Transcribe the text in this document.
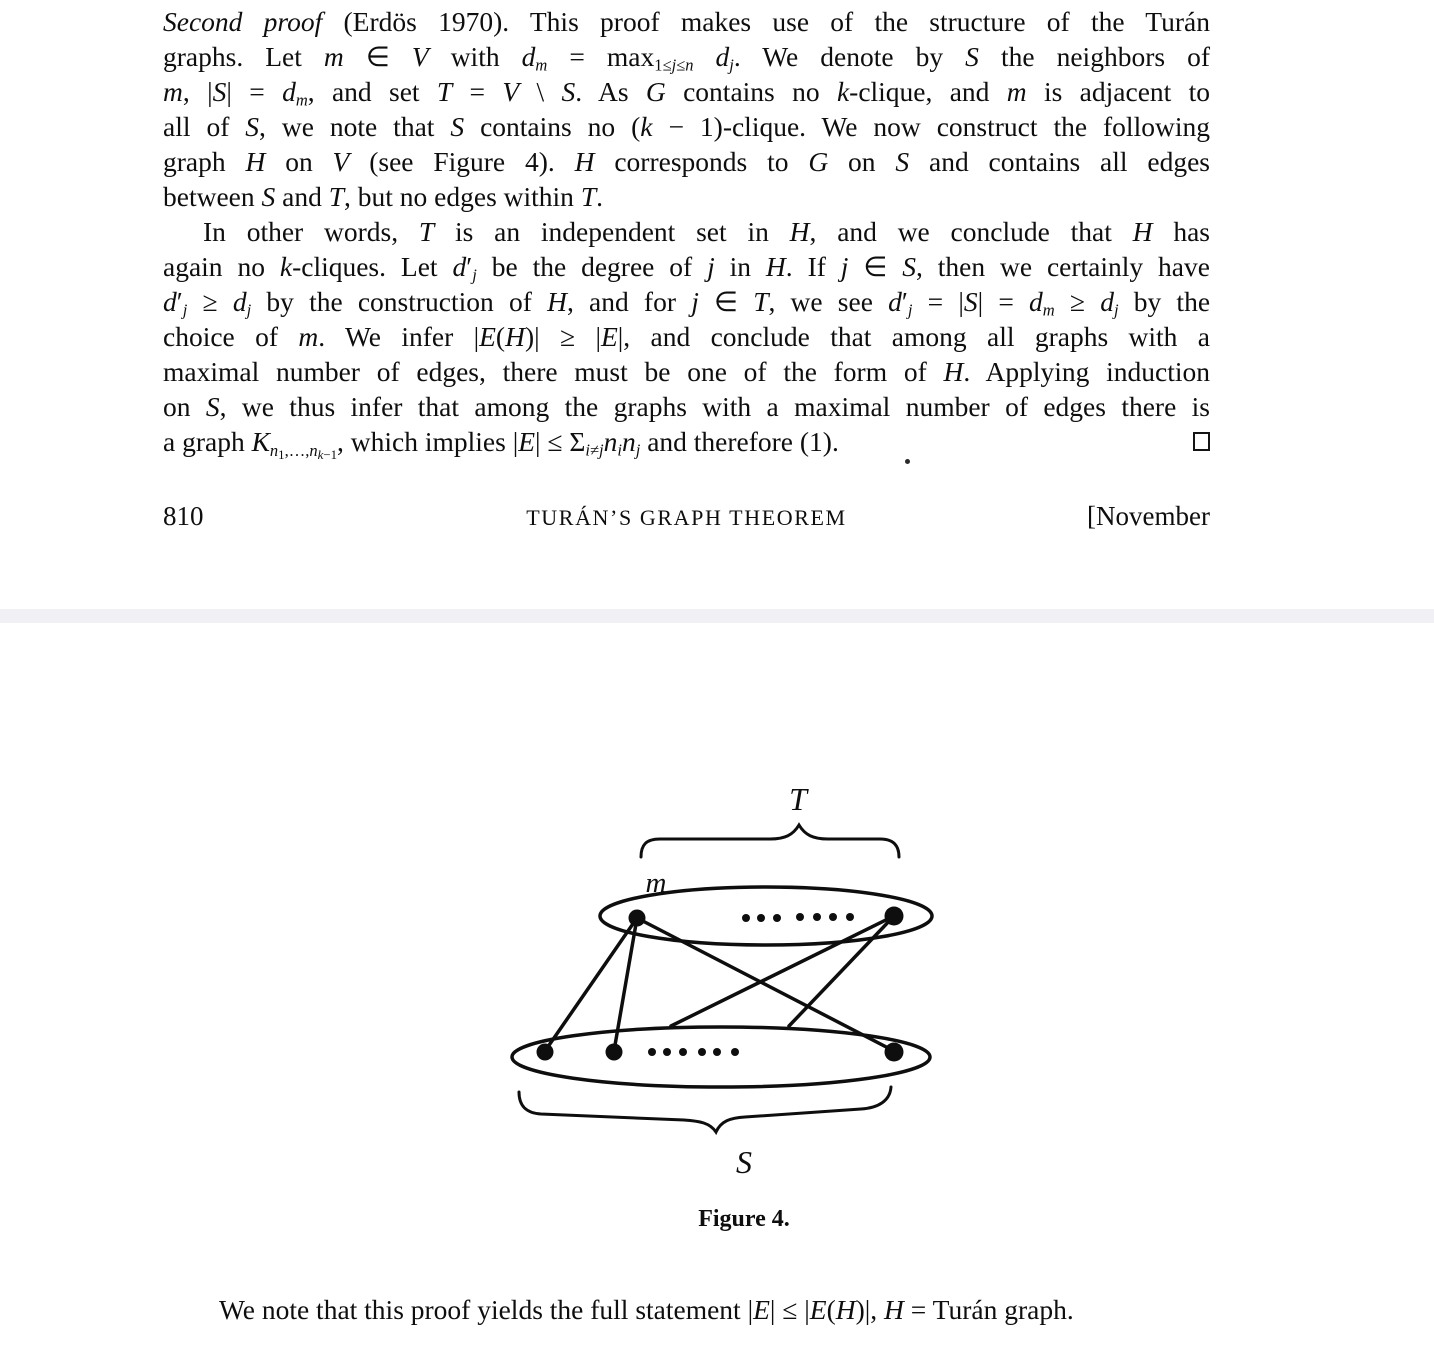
Second proof (Erdös 1970). This proof makes use of the structure of the Turán
graphs. Let m ∈ V with $d_m = \max_{1\le j\le n} d_j$. We denote by S the neighbors of
m, $|S| = d_m$, and set T = V \ S. As G contains no k-clique, and m is adjacent to
all of S, we note that S contains no (k − 1)-clique. We now construct the following
graph H on V (see Figure 4). H corresponds to G on S and contains all edges
between S and T, but no edges within T.
In other words, T is an independent set in H, and we conclude that H has
again no k-cliques. Let $d'_j$ be the degree of j in H. If j ∈ S, then we certainly have
$d'_j \ge d_j$ by the construction of H, and for j ∈ T, we see $d'_j = |S| = d_m \ge d_j$ by the
choice of m. We infer |E(H)| ≥ |E|, and conclude that among all graphs with a
maximal number of edges, there must be one of the form of H. Applying induction
on S, we thus infer that among the graphs with a maximal number of edges there is
a graph $K_{n_1,\dots,n_{k-1}}$, which implies $|E| \le \Sigma_{i\ne j}n_in_j$ and therefore (1).
810	TURÁN’S GRAPH THEOREM	[November
T
m
S
Figure 4.
We note that this proof yields the full statement |E| ≤ |E(H)|, H = Turán graph.
